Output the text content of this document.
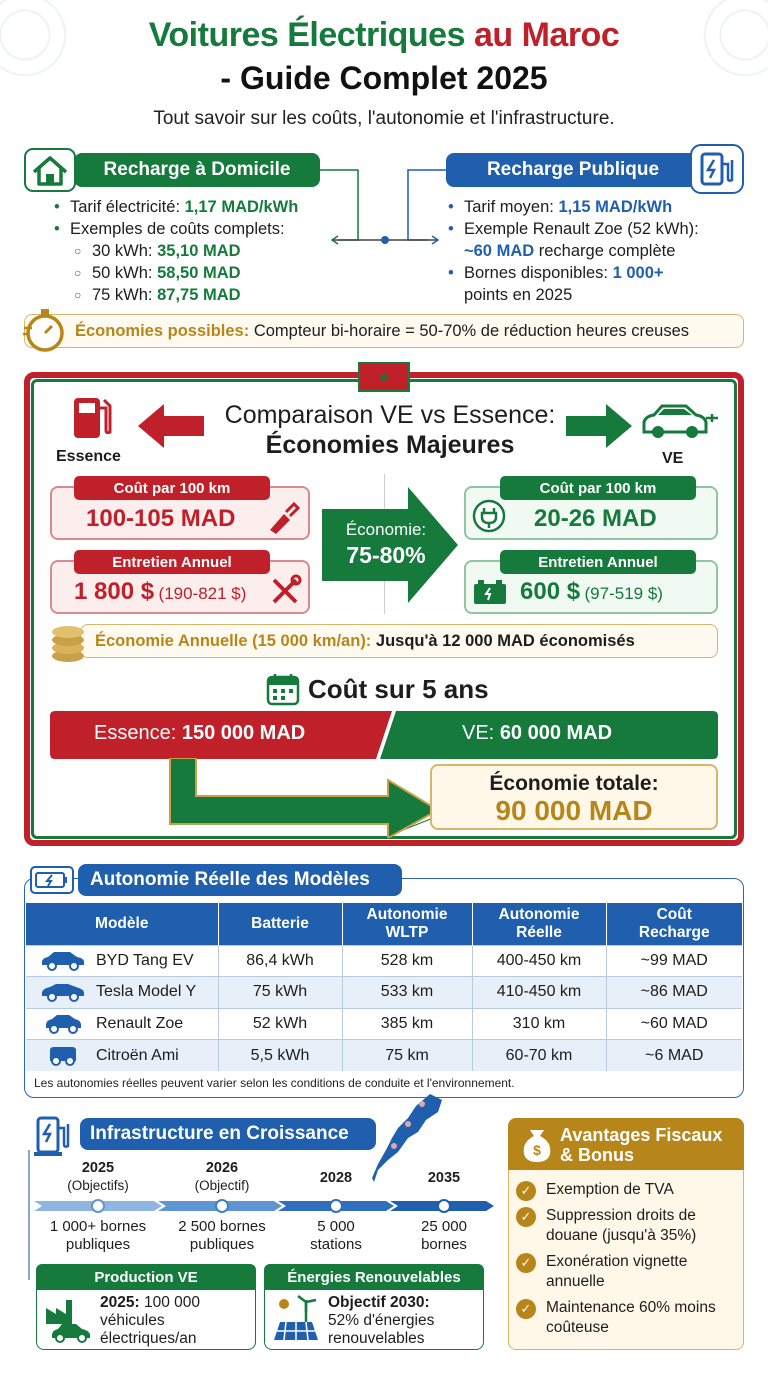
Voitures Électriques au Maroc
- Guide Complet 2025
Tout savoir sur les coûts, l'autonomie et l'infrastructure.
Recharge à Domicile
• Tarif électricité: 1,17 MAD/kWh
• Exemples de coûts complets:
○ 30 kWh: 35,10 MAD
○ 50 kWh: 58,50 MAD
○ 75 kWh: 87,75 MAD
Recharge Publique
• Tarif moyen: 1,15 MAD/kWh
• Exemple Renault Zoe (52 kWh):
~60 MAD recharge complète
• Bornes disponibles: 1 000+
points en 2025
Économies possibles:
Compteur bi-horaire = 50-70% de réduction heures creuses
★
Essence
Comparaison VE vs Essence:
Économies Majeures	VE
Coût par 100 km
100-105 MAD
Entretien Annuel
1 800 $ (190-821 $)
Économie:
75-80%
Coût par 100 km
20-26 MAD
Entretien Annuel
600 $ (97-519 $)
Économie Annuelle (15 000 km/an):
Jusqu'à 12 000 MAD économisés
Coût sur 5 ans
Essence: 150 000 MAD	VE: 60 000 MAD
Économie totale:
90 000 MAD
Autonomie Réelle des Modèles
Modèle	Batterie	Autonomie WLTP	Autonomie Réelle	Coût Recharge
BYD Tang EV	86,4 kWh	528 km	400-450 km	~99 MAD
Tesla Model Y	75 kWh	533 km	410-450 km	~86 MAD
Renault Zoe	52 kWh	385 km	310 km	~60 MAD
Citroën Ami	5,5 kWh	75 km	60-70 km	~6 MAD
Les autonomies réelles peuvent varier selon les conditions de conduite et l'environnement.
Infrastructure en Croissance
2025
(Objectifs)
1 000+ bornes
publiques
2026
(Objectif)
2 500 bornes
publiques
2028
5 000
stations
2035
25 000
bornes
Production VE
2025: 100 000
véhicules
électriques/an
Énergies Renouvelables
Objectif 2030:
52% d'énergies
renouvelables
$
Avantages Fiscaux
& Bonus
✓ Exemption de TVA
✓ Suppression droits de douane (jusqu'à 35%)
✓ Exonération vignette annuelle
✓ Maintenance 60% moins coûteuse
